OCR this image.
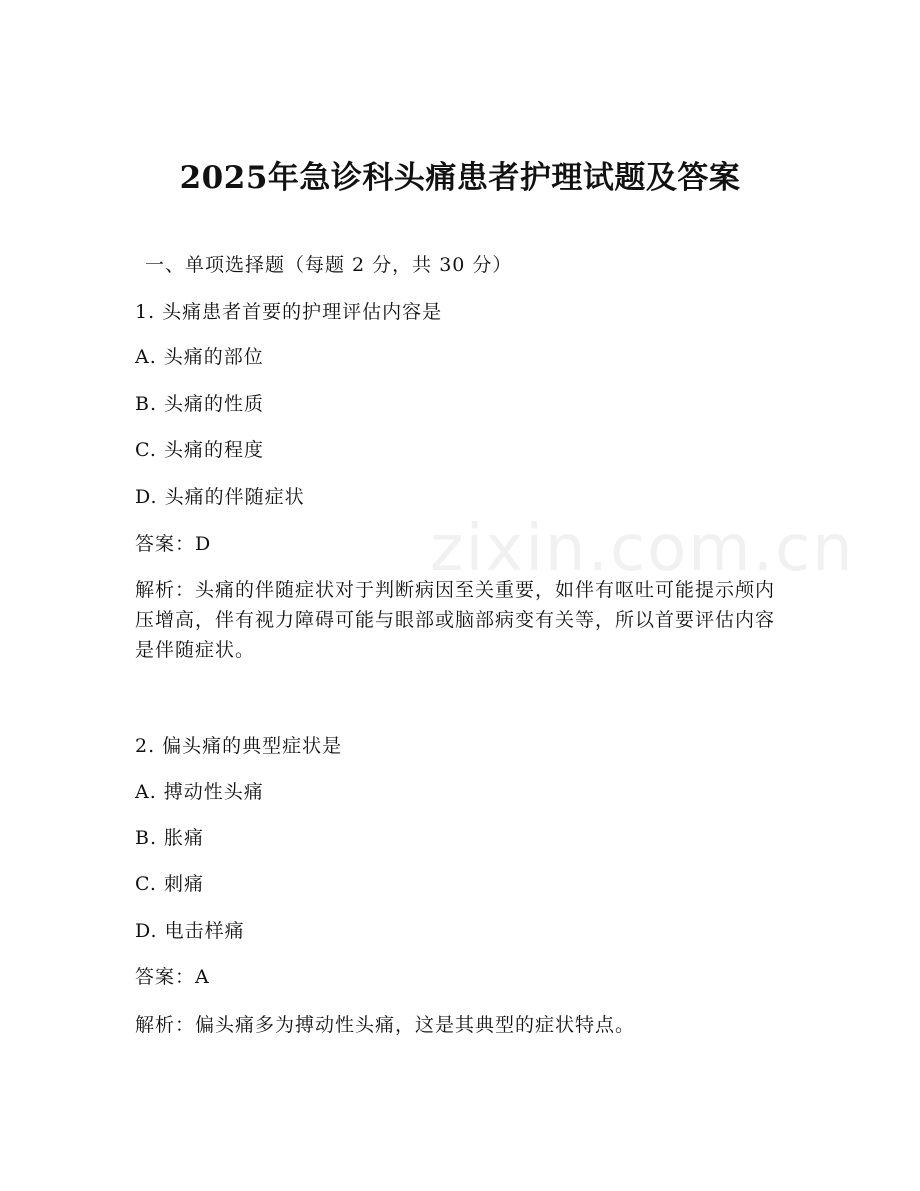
2025年急诊科头痛患者护理试题及答案
一、单项选择题（每题 2 分，共 30 分）
1. 头痛患者首要的护理评估内容是
A. 头痛的部位
B. 头痛的性质
C. 头痛的程度
D. 头痛的伴随症状
答案：D
解析：头痛的伴随症状对于判断病因至关重要，如伴有呕吐可能提示颅内压增高，伴有视力障碍可能与眼部或脑部病变有关等，所以首要评估内容是伴随症状。
2. 偏头痛的典型症状是
A. 搏动性头痛
B. 胀痛
C. 刺痛
D. 电击样痛
答案：A
解析：偏头痛多为搏动性头痛，这是其典型的症状特点。
zixin.com.cn
